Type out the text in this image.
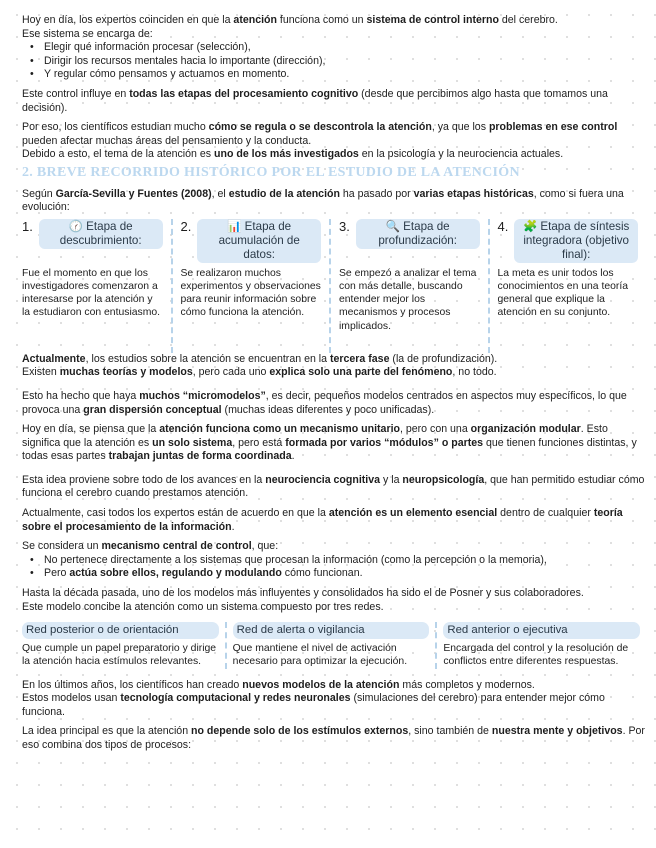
Hoy en día, los expertos coinciden en que la atención funciona como un sistema de control interno del cerebro.
Ese sistema se encarga de:

• Elegir qué información procesar (selección),
• Dirigir los recursos mentales hacia lo importante (dirección),
• Y regular cómo pensamos y actuamos en momento.

Este control influye en todas las etapas del procesamiento cognitivo (desde que percibimos algo hasta que tomamos una decisión).

Por eso, los científicos estudian mucho cómo se regula o se descontrola la atención, ya que los problemas en ese control pueden afectar muchas áreas del pensamiento y la conducta.
Debido a esto, el tema de la atención es uno de los más investigados en la psicología y la neurociencia actuales.

2. BREVE RECORRIDO HISTÓRICO POR EL ESTUDIO DE LA ATENCIÓN

Según García-Sevilla y Fuentes (2008), el estudio de la atención ha pasado por varias etapas históricas, como si fuera una evolución:

1.	🕜 Etapa de descubrimiento:

Fue el momento en que los investigadores comenzaron a interesarse por la atención y la estudiaron con entusiasmo.

2.	📊 Etapa de acumulación de datos:

Se realizaron muchos experimentos y observaciones para reunir información sobre cómo funciona la atención.

3.	🔍 Etapa de profundización:

Se empezó a analizar el tema con más detalle, buscando entender mejor los mecanismos y procesos implicados.

4.	🧩 Etapa de síntesis integradora (objetivo final):

La meta es unir todos los conocimientos en una teoría general que explique la atención en su conjunto.

Actualmente, los estudios sobre la atención se encuentran en la tercera fase (la de profundización).
Existen muchas teorías y modelos, pero cada uno explica solo una parte del fenómeno, no todo.

Esto ha hecho que haya muchos “micromodelos”, es decir, pequeños modelos centrados en aspectos muy específicos, lo que provoca una gran dispersión conceptual (muchas ideas diferentes y poco unificadas).

Hoy en día, se piensa que la atención funciona como un mecanismo unitario, pero con una organización modular. Esto significa que la atención es un solo sistema, pero está formada por varios “módulos” o partes que tienen funciones distintas, y todas esas partes trabajan juntas de forma coordinada.

Esta idea proviene sobre todo de los avances en la neurociencia cognitiva y la neuropsicología, que han permitido estudiar cómo funciona el cerebro cuando prestamos atención.

Actualmente, casi todos los expertos están de acuerdo en que la atención es un elemento esencial dentro de cualquier teoría sobre el procesamiento de la información.

Se considera un mecanismo central de control, que:

• No pertenece directamente a los sistemas que procesan la información (como la percepción o la memoria),
• Pero actúa sobre ellos, regulando y modulando cómo funcionan.

Hasta la década pasada, uno de los modelos más influyentes y consolidados ha sido el de Posner y sus colaboradores.
Este modelo concibe la atención como un sistema compuesto por tres redes.

Red posterior o de orientación

Que cumple un papel preparatorio y dirige la atención hacia estímulos relevantes.

Red de alerta o vigilancia

Que mantiene el nivel de activación necesario para optimizar la ejecución.

Red anterior o ejecutiva

Encargada del control y la resolución de conflictos entre diferentes respuestas.

En los últimos años, los científicos han creado nuevos modelos de la atención más completos y modernos.
Estos modelos usan tecnología computacional y redes neuronales (simulaciones del cerebro) para entender mejor cómo funciona.

La idea principal es que la atención no depende solo de los estímulos externos, sino también de nuestra mente y objetivos. Por eso combina dos tipos de procesos:
